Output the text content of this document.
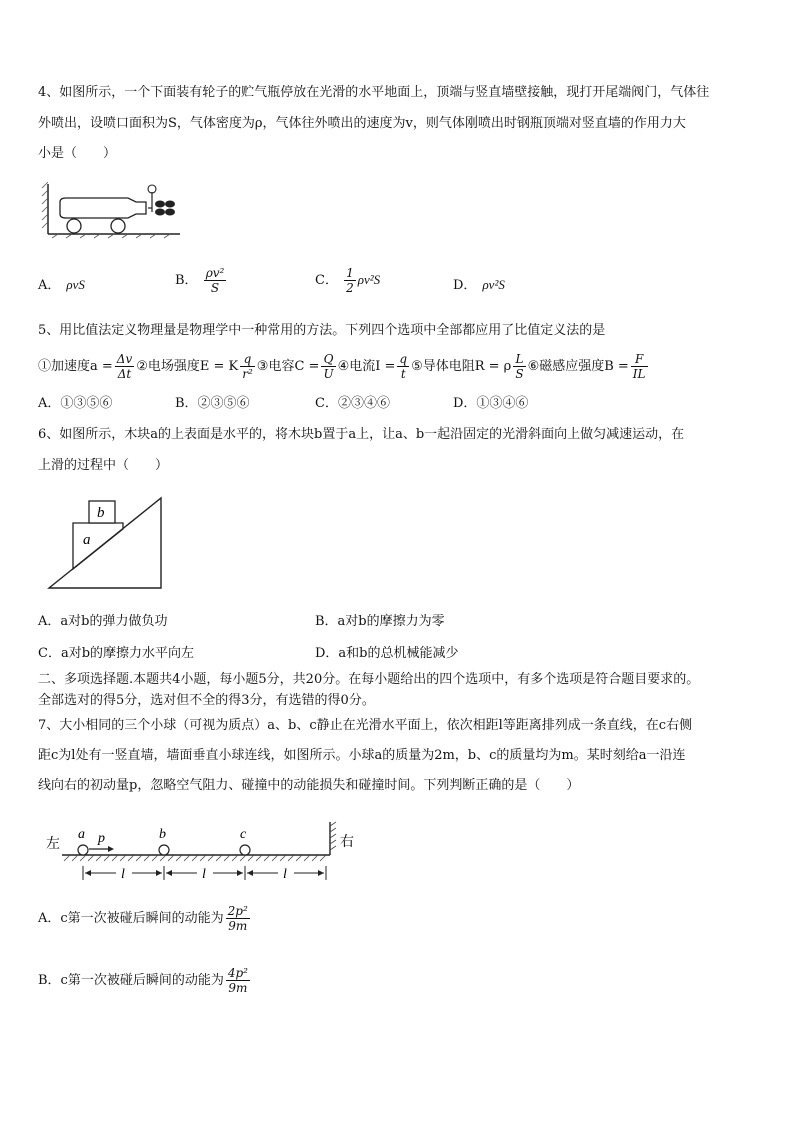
4、如图所示，一个下面装有轮子的贮气瓶停放在光滑的水平地面上，顶端与竖直墙壁接触，现打开尾端阀门，气体往
外喷出，设喷口面积为S，气体密度为ρ，气体往外喷出的速度为v，则气体刚喷出时钢瓶顶端对竖直墙的作用力大
小是（　　）
A． ρvS	B． $\frac{\text{ρv²}}{S}$	C． $\frac{1}{2} \rho v^2S$	D． ρv²S
5、用比值法定义物理量是物理学中一种常用的方法。下列四个选项中全部都应用了比值定义法的是
①加速度$a = \frac{\Delta v}{\Delta t}$ ②电场强度E = K $\frac{q}{\text{r²}}$ ③电容$C = \frac{Q}{U}$ ④电流$I = \frac{q}{t}$ ⑤导体电阻R = ρ $\frac{L}{S}$ ⑥磁感应强度$B = \frac{F}{IL}$
A．①③⑤⑥	B．②③⑤⑥	C．②③④⑥	D．①③④⑥
6、如图所示，木块a的上表面是水平的，将木块b置于a上，让a、b一起沿固定的光滑斜面向上做匀减速运动，在
上滑的过程中（　　）
b
a
A．a对b的弹力做负功	B．a对b的摩擦力为零
C．a对b的摩擦力水平向左	D．a和b的总机械能减少
二、多项选择题.本题共4小题，每小题5分，共20分。在每小题给出的四个选项中，有多个选项是符合题目要求的。
全部选对的得5分，选对但不全的得3分，有选错的得0分。
7、大小相同的三个小球（可视为质点）a、b、c静止在光滑水平面上，依次相距l等距离排列成一条直线，在c右侧
距c为l处有一竖直墙，墙面垂直小球连线，如图所示。小球a的质量为2m，b、c的质量均为m。某时刻给a一沿连
线向右的初动量p，忽略空气阻力、碰撞中的动能损失和碰撞时间。下列判断正确的是（　　）
左	右
a	b	c
p
l	l	l
A．c第一次被碰后瞬间的动能为 $\frac{\text{2p²}}{9m}$
B．c第一次被碰后瞬间的动能为 $\frac{\text{4p²}}{9m}$
